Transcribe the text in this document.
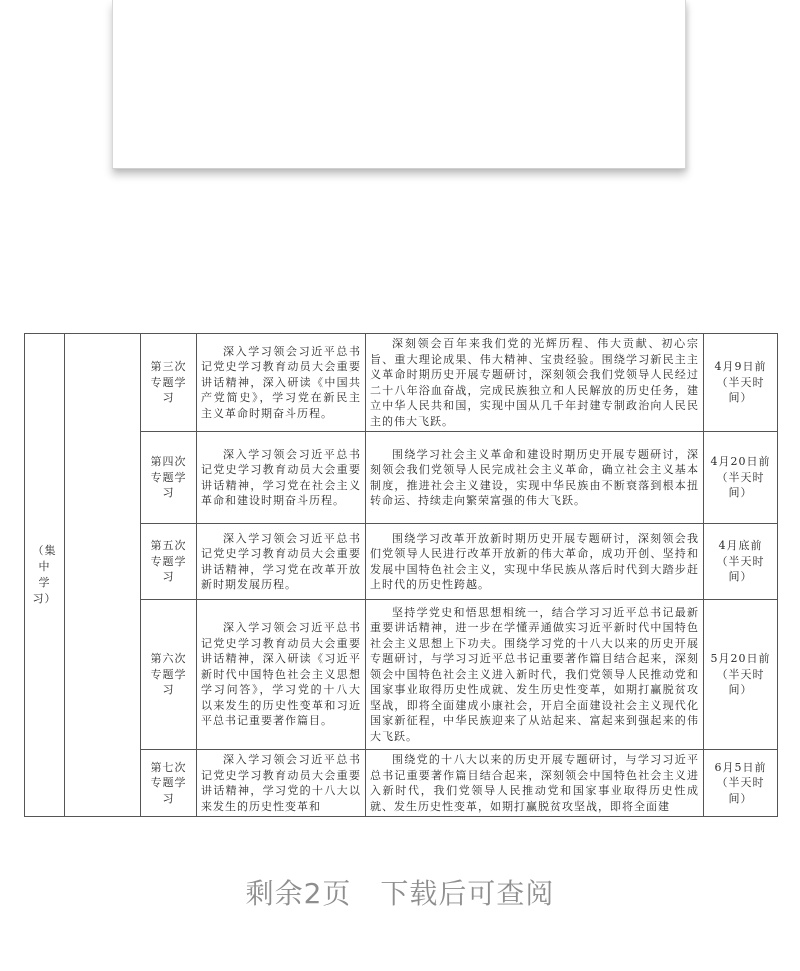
（集
中
学
习）		第三次专题学习	深入学习领会习近平总书记党史学习教育动员大会重要讲话精神，深入研读《中国共产党简史》，学习党在新民主主义革命时期奋斗历程。	深刻领会百年来我们党的光辉历程、伟大贡献、初心宗旨、重大理论成果、伟大精神、宝贵经验。围绕学习新民主主义革命时期历史开展专题研讨，深刻领会我们党领导人民经过二十八年浴血奋战，完成民族独立和人民解放的历史任务，建立中华人民共和国，实现中国从几千年封建专制政治向人民民主的伟大飞跃。	4月9日前（半天时间）
		第四次专题学习	深入学习领会习近平总书记党史学习教育动员大会重要讲话精神，学习党在社会主义革命和建设时期奋斗历程。	围绕学习社会主义革命和建设时期历史开展专题研讨，深刻领会我们党领导人民完成社会主义革命，确立社会主义基本制度，推进社会主义建设，实现中华民族由不断衰落到根本扭转命运、持续走向繁荣富强的伟大飞跃。	4月20日前（半天时间）
		第五次专题学习	深入学习领会习近平总书记党史学习教育动员大会重要讲话精神，学习党在改革开放新时期发展历程。	围绕学习改革开放新时期历史开展专题研讨，深刻领会我们党领导人民进行改革开放新的伟大革命，成功开创、坚持和发展中国特色社会主义，实现中华民族从落后时代到大踏步赶上时代的历史性跨越。	4月底前（半天时间）
		第六次专题学习	深入学习领会习近平总书记党史学习教育动员大会重要讲话精神，深入研读《习近平新时代中国特色社会主义思想学习问答》，学习党的十八大以来发生的历史性变革和习近平总书记重要著作篇目。	坚持学党史和悟思想相统一，结合学习习近平总书记最新重要讲话精神，进一步在学懂弄通做实习近平新时代中国特色社会主义思想上下功夫。围绕学习党的十八大以来的历史开展专题研讨，与学习习近平总书记重要著作篇目结合起来，深刻领会中国特色社会主义进入新时代，我们党领导人民推动党和国家事业取得历史性成就、发生历史性变革，如期打赢脱贫攻坚战，即将全面建成小康社会，开启全面建设社会主义现代化国家新征程，中华民族迎来了从站起来、富起来到强起来的伟大飞跃。	5月20日前（半天时间）
		第七次专题学习	深入学习领会习近平总书记党史学习教育动员大会重要讲话精神，学习党的十八大以来发生的历史性变革和	围绕党的十八大以来的历史开展专题研讨，与学习习近平总书记重要著作篇目结合起来，深刻领会中国特色社会主义进入新时代，我们党领导人民推动党和国家事业取得历史性成就、发生历史性变革，如期打赢脱贫攻坚战，即将全面建	6月5日前（半天时间）
剩余2页　下载后可查阅
